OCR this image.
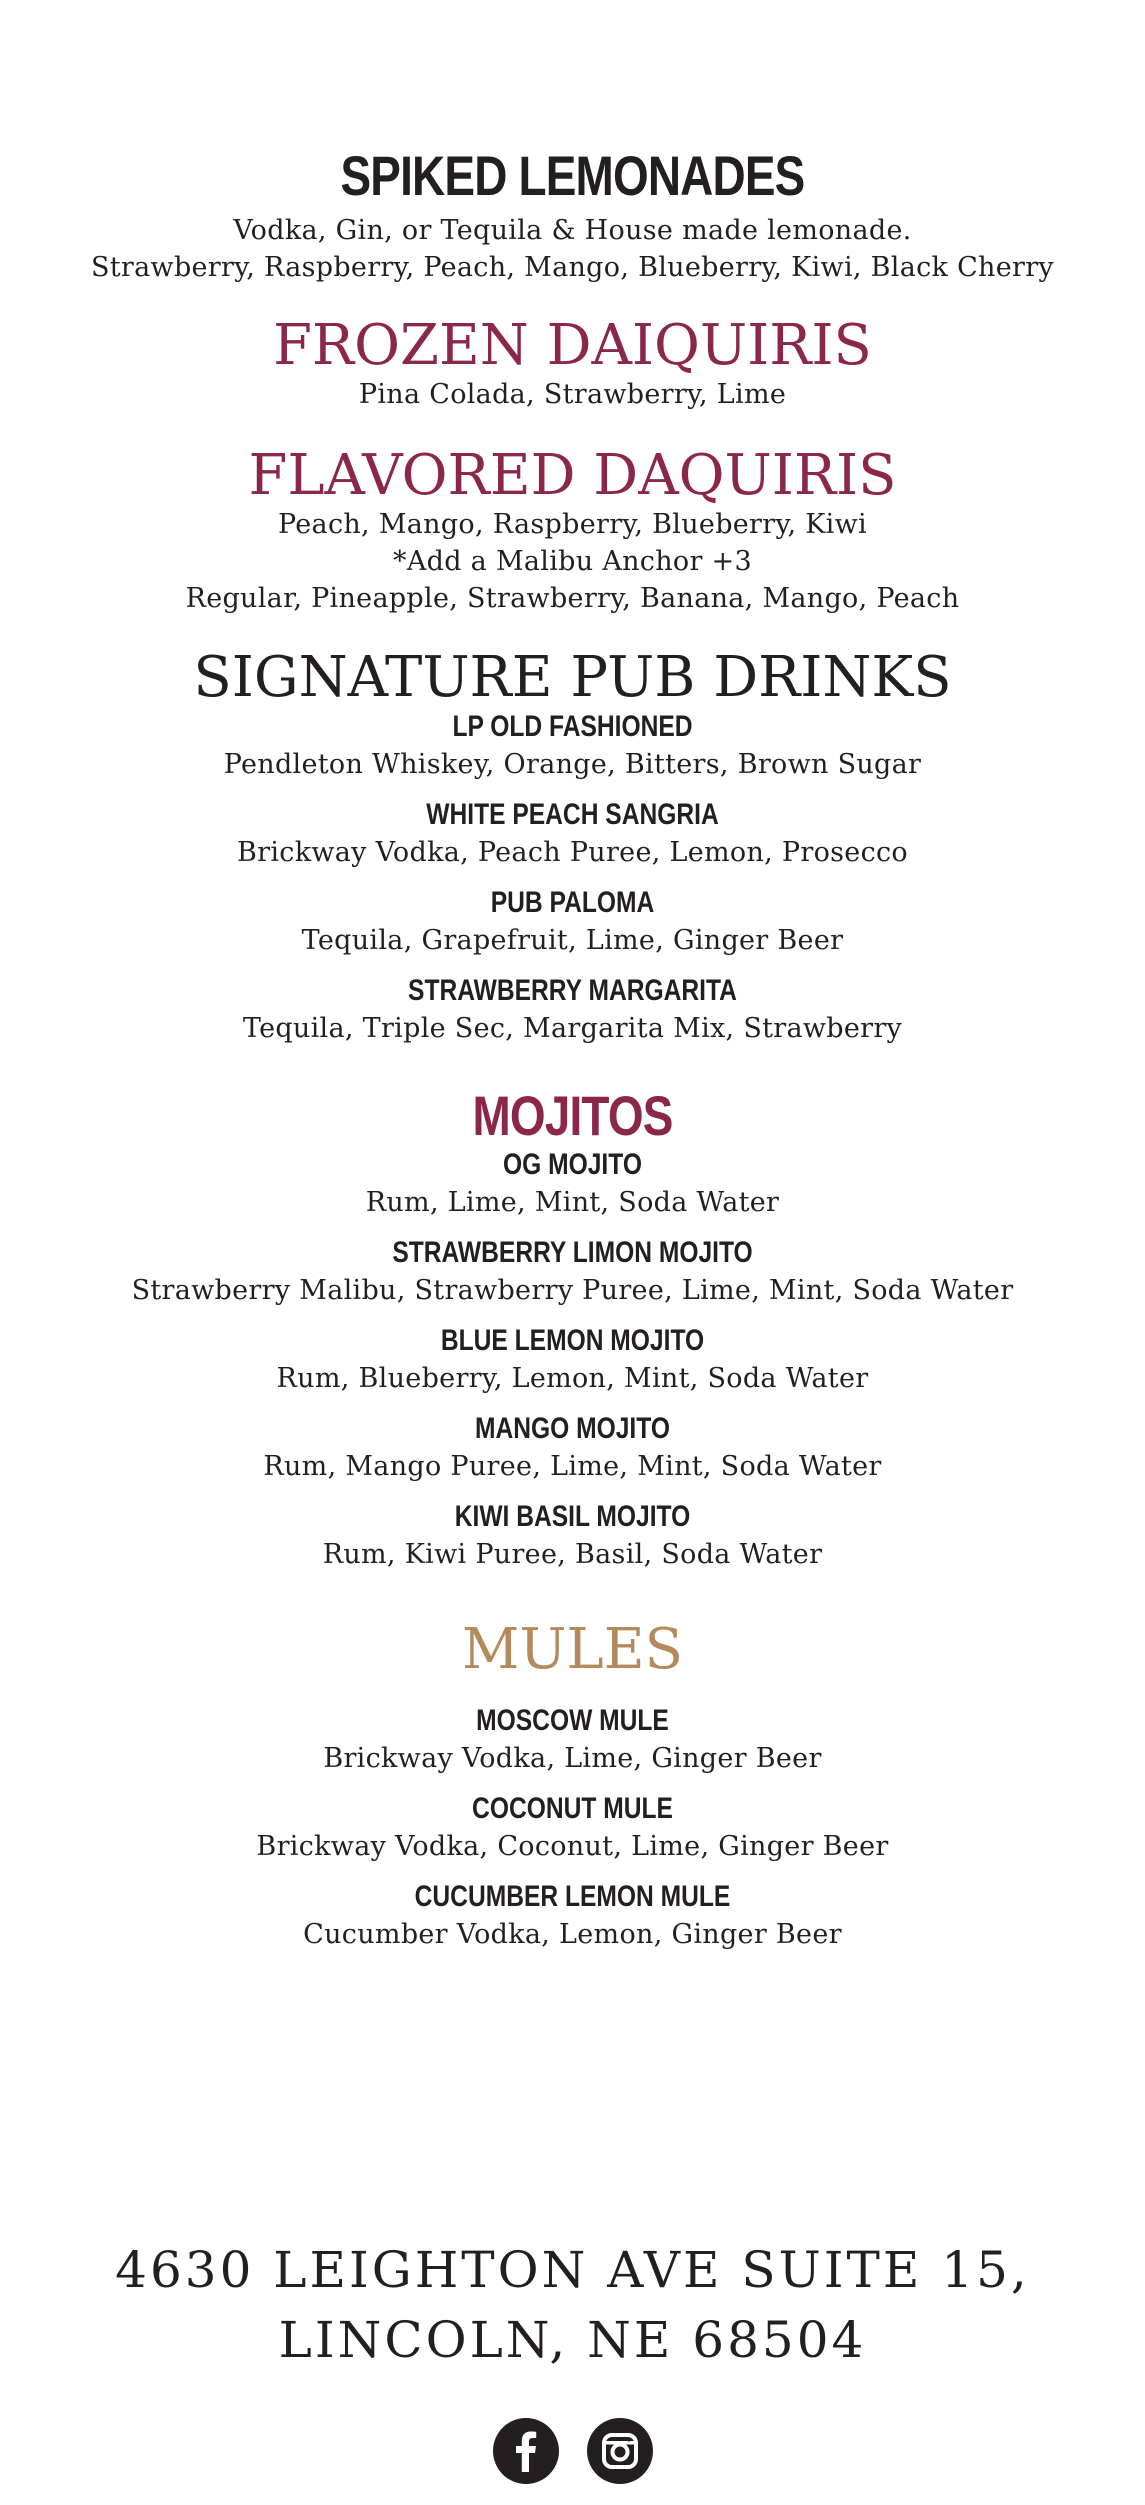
SPIKED LEMONADES

Vodka, Gin, or Tequila & House made lemonade.

Strawberry, Raspberry, Peach, Mango, Blueberry, Kiwi, Black Cherry

FROZEN DAIQUIRIS

Pina Colada, Strawberry, Lime

FLAVORED DAQUIRIS

Peach, Mango, Raspberry, Blueberry, Kiwi

*Add a Malibu Anchor +3

Regular, Pineapple, Strawberry, Banana, Mango, Peach

SIGNATURE PUB DRINKS

LP OLD FASHIONED

Pendleton Whiskey, Orange, Bitters, Brown Sugar

WHITE PEACH SANGRIA

Brickway Vodka, Peach Puree, Lemon, Prosecco

PUB PALOMA

Tequila, Grapefruit, Lime, Ginger Beer

STRAWBERRY MARGARITA

Tequila, Triple Sec, Margarita Mix, Strawberry

MOJITOS

OG MOJITO

Rum, Lime, Mint, Soda Water

STRAWBERRY LIMON MOJITO

Strawberry Malibu, Strawberry Puree, Lime, Mint, Soda Water

BLUE LEMON MOJITO

Rum, Blueberry, Lemon, Mint, Soda Water

MANGO MOJITO

Rum, Mango Puree, Lime, Mint, Soda Water

KIWI BASIL MOJITO

Rum, Kiwi Puree, Basil, Soda Water

MULES

MOSCOW MULE

Brickway Vodka, Lime, Ginger Beer

COCONUT MULE

Brickway Vodka, Coconut, Lime, Ginger Beer

CUCUMBER LEMON MULE

Cucumber Vodka, Lemon, Ginger Beer

4630 LEIGHTON AVE SUITE 15,

LINCOLN, NE 68504
